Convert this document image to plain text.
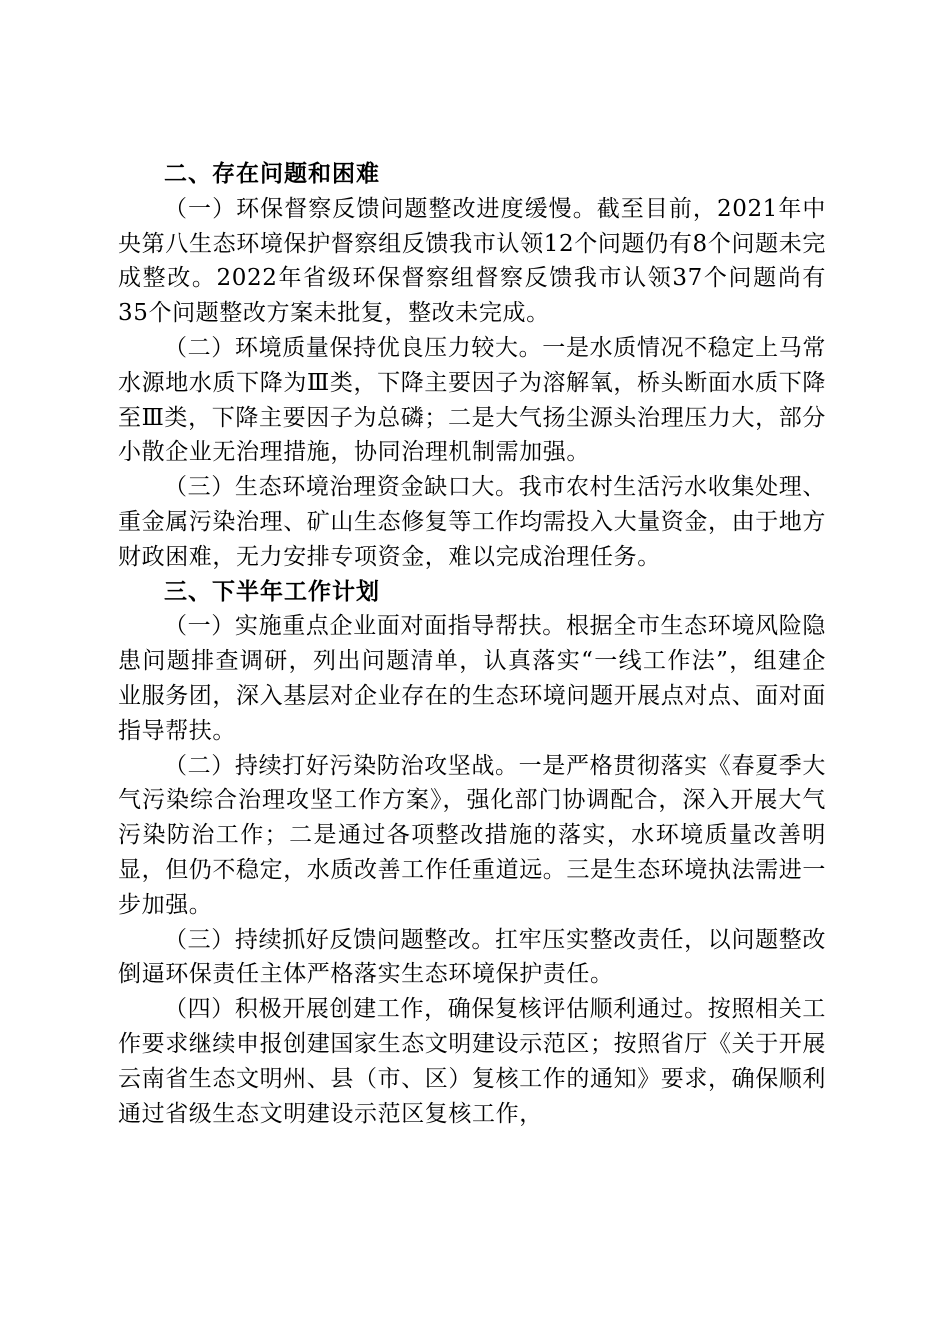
二、存在问题和困难

（一）环保督察反馈问题整改进度缓慢。截至目前，2021年中央第八生态环境保护督察组反馈我市认领12个问题仍有8个问题未完成整改。2022年省级环保督察组督察反馈我市认领37个问题尚有35个问题整改方案未批复，整改未完成。

（二）环境质量保持优良压力较大。一是水质情况不稳定上马常水源地水质下降为Ⅲ类，下降主要因子为溶解氧，桥头断面水质下降至Ⅲ类，下降主要因子为总磷；二是大气扬尘源头治理压力大，部分小散企业无治理措施，协同治理机制需加强。

（三）生态环境治理资金缺口大。我市农村生活污水收集处理、重金属污染治理、矿山生态修复等工作均需投入大量资金，由于地方财政困难，无力安排专项资金，难以完成治理任务。

三、下半年工作计划

（一）实施重点企业面对面指导帮扶。根据全市生态环境风险隐患问题排查调研，列出问题清单，认真落实“一线工作法”，组建企业服务团，深入基层对企业存在的生态环境问题开展点对点、面对面指导帮扶。

（二）持续打好污染防治攻坚战。一是严格贯彻落实《春夏季大气污染综合治理攻坚工作方案》，强化部门协调配合，深入开展大气污染防治工作；二是通过各项整改措施的落实，水环境质量改善明显，但仍不稳定，水质改善工作任重道远。三是生态环境执法需进一步加强。

（三）持续抓好反馈问题整改。扛牢压实整改责任，以问题整改倒逼环保责任主体严格落实生态环境保护责任。

（四）积极开展创建工作，确保复核评估顺利通过。按照相关工作要求继续申报创建国家生态文明建设示范区；按照省厅《关于开展云南省生态文明州、县（市、区）复核工作的通知》要求，确保顺利通过省级生态文明建设示范区复核工作，
